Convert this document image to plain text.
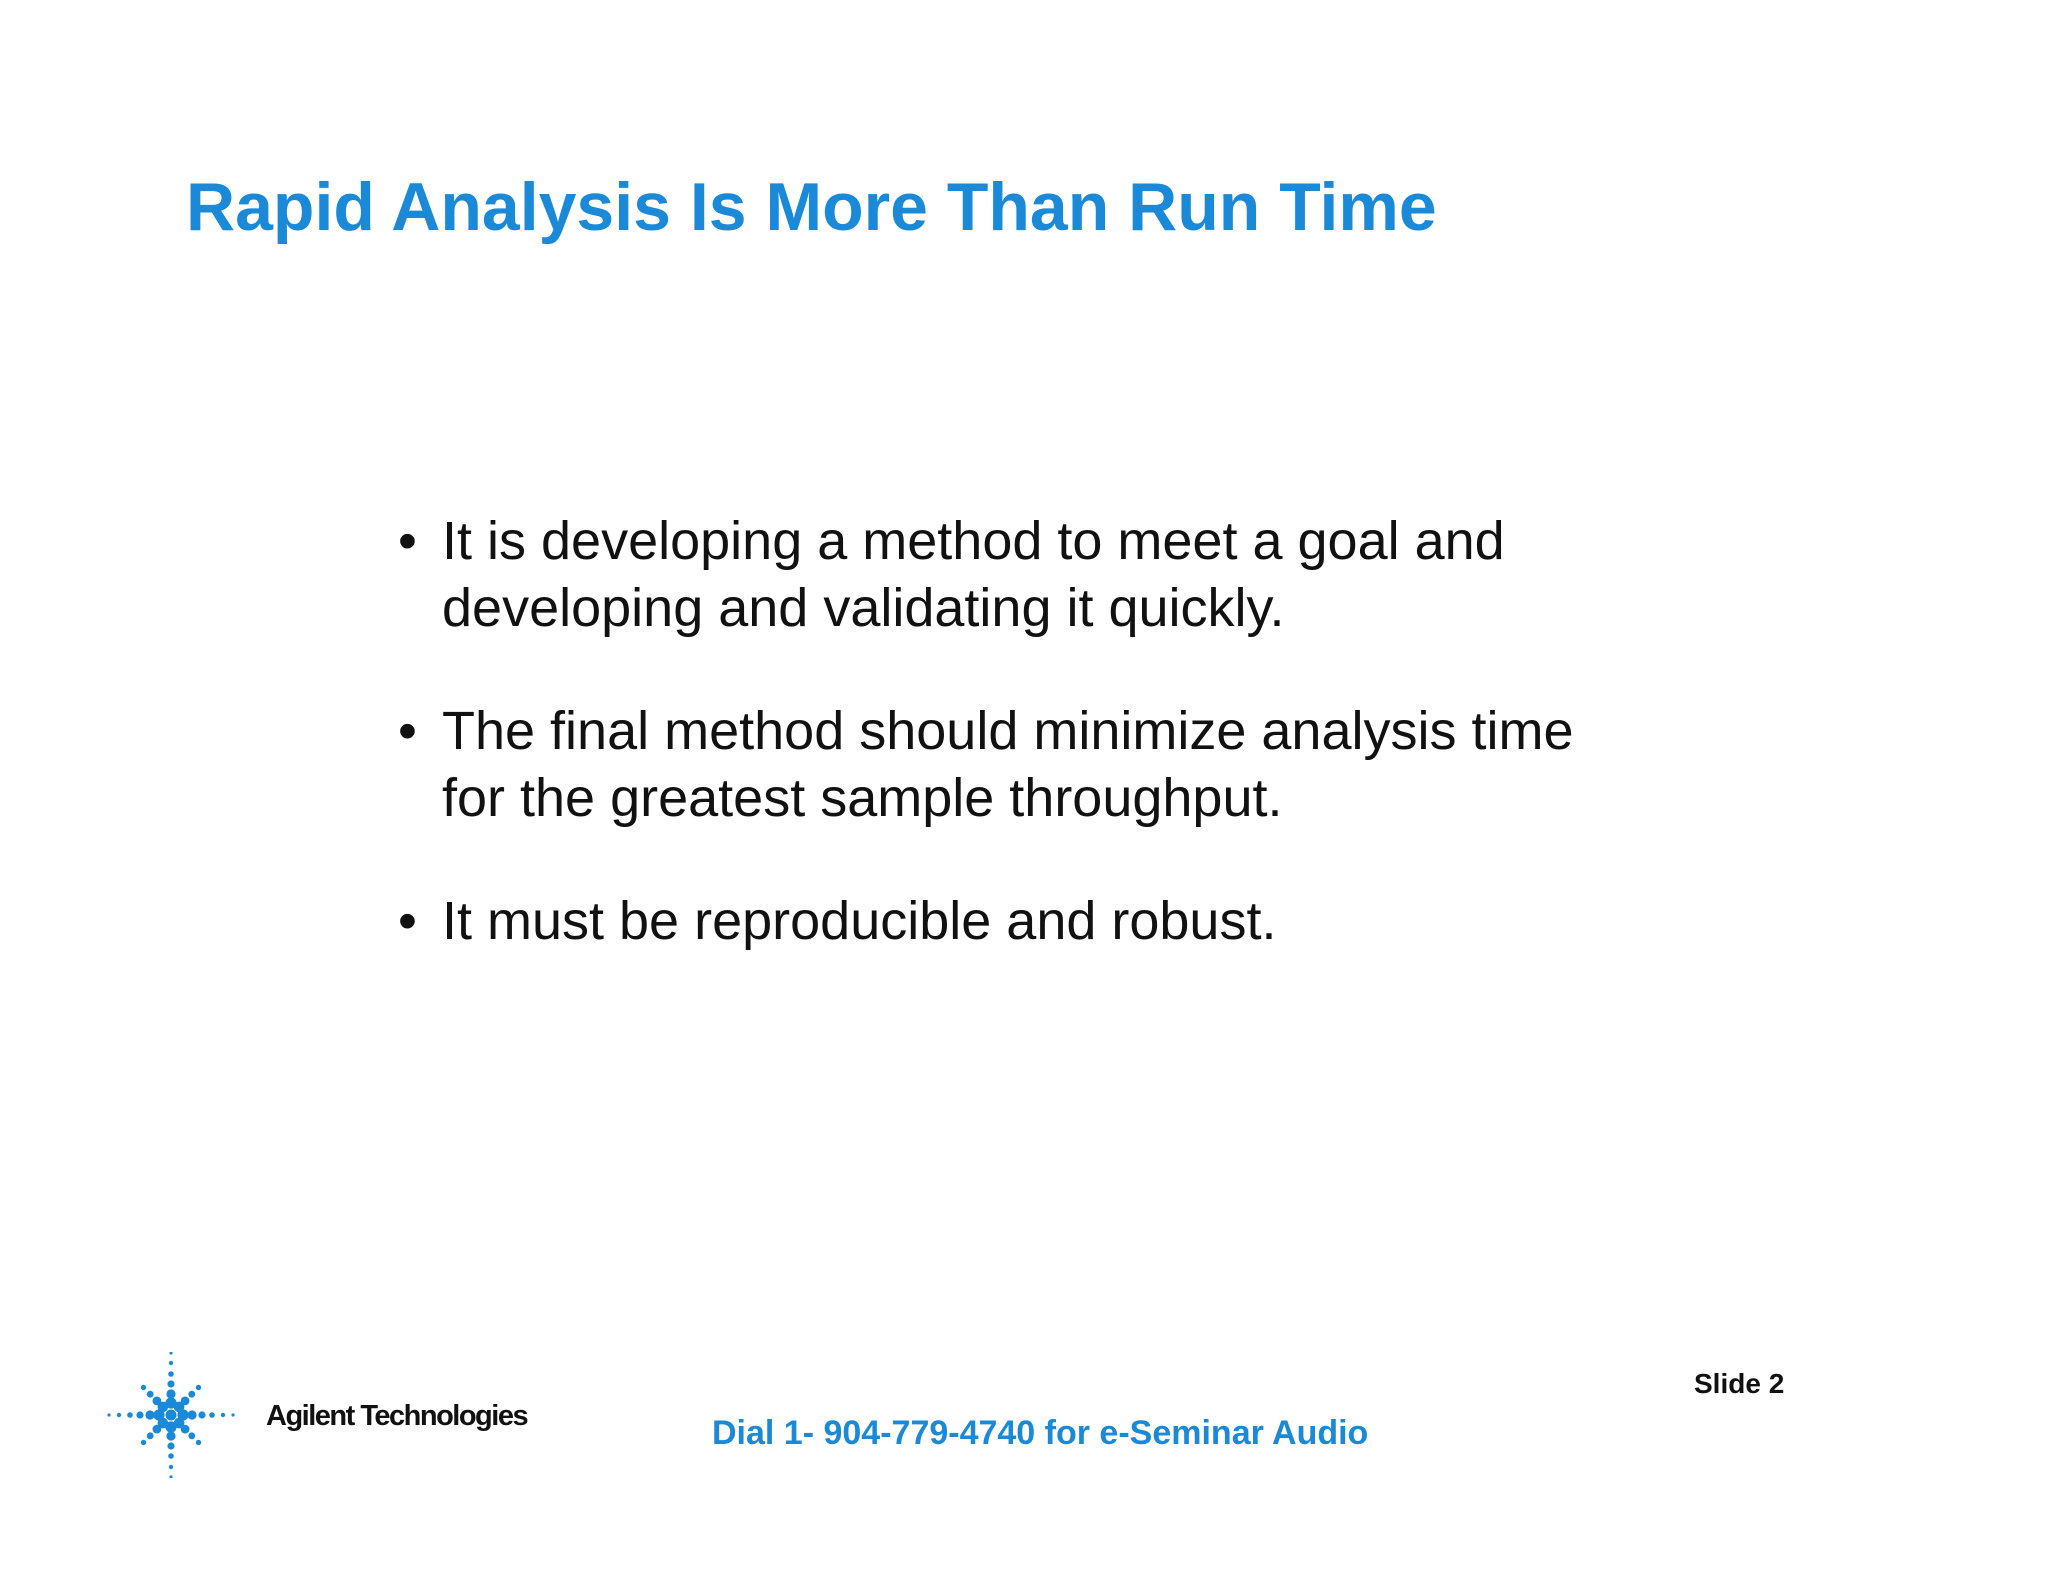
Rapid Analysis Is More Than Run Time
• It is developing a method to meet a goal and
developing and validating it quickly.
• The final method should minimize analysis time
for the greatest sample throughput.
• It must be reproducible and robust.
Agilent Technologies
Slide 2
Dial 1- 904-779-4740 for e-Seminar Audio
